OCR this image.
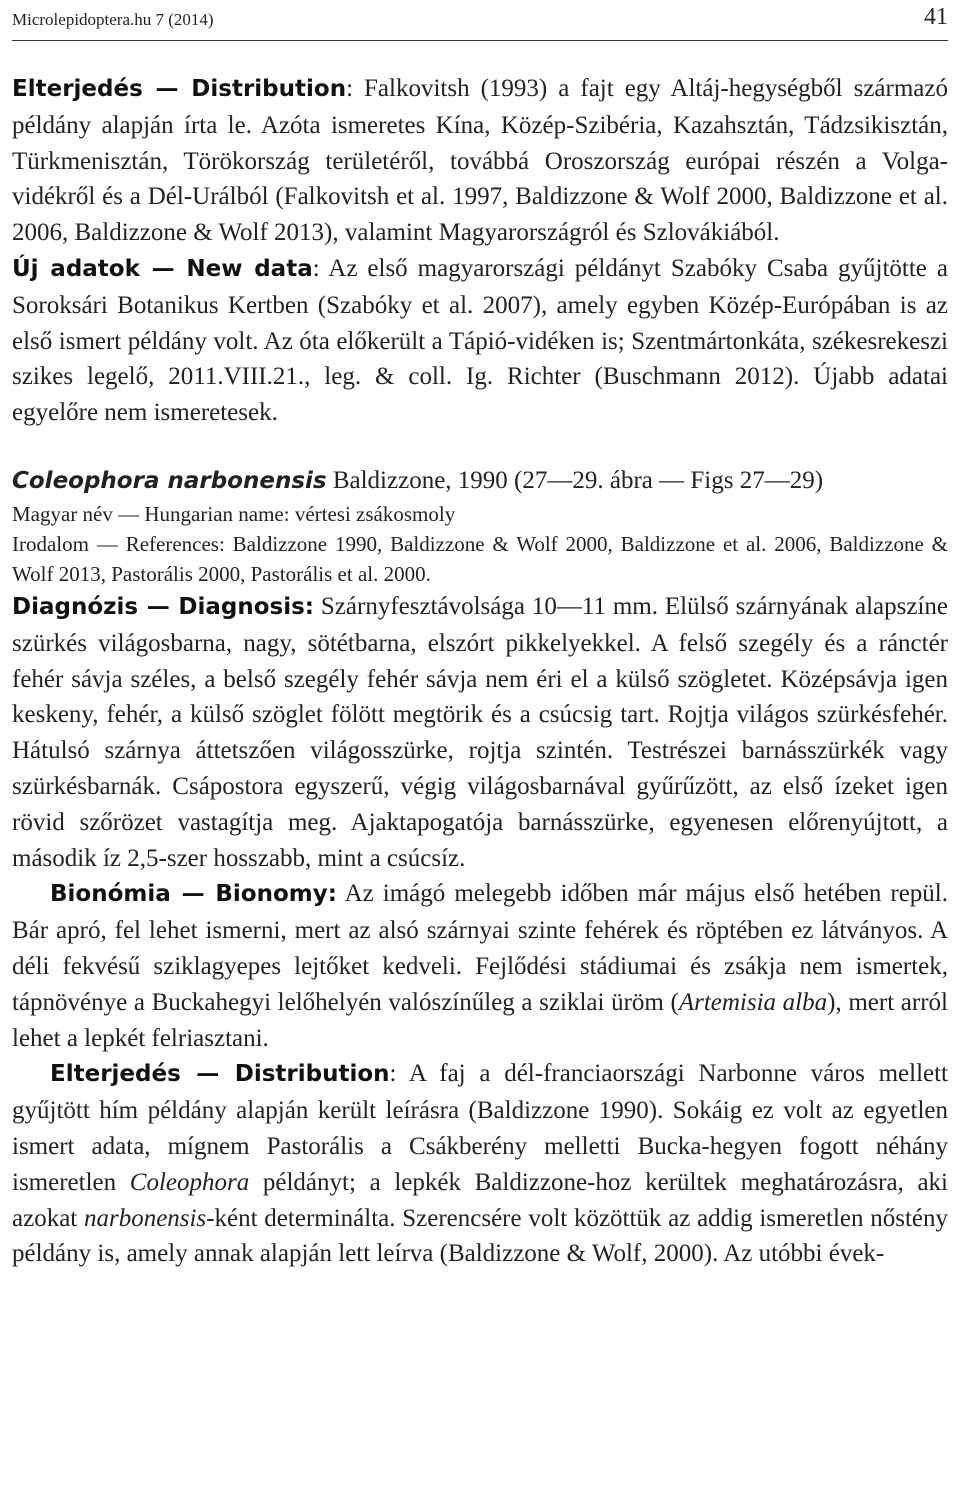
Microlepidoptera.hu 7 (2014)	41

Elterjedés — Distribution: Falkovitsh (1993) a fajt egy Altáj-hegységből származó példány alapján írta le. Azóta ismeretes Kína, Közép-Szibéria, Kazahsztán, Tádzsikisztán, Türkmenisztán, Törökország területéről, továbbá Oroszország európai részén a Volga-vidékről és a Dél-Urálból (Falkovitsh et al. 1997, Baldizzone & Wolf 2000, Baldizzone et al. 2006, Baldizzone & Wolf 2013), valamint Magyarországról és Szlovákiából.

Új adatok — New data: Az első magyarországi példányt Szabóky Csaba gyűjtötte a Soroksári Botanikus Kertben (Szabóky et al. 2007), amely egyben Közép-Európában is az első ismert példány volt. Az óta előkerült a Tápió-vidéken is; Szentmártonkáta, székesrekeszi szikes legelő, 2011.VIII.21., leg. & coll. Ig. Richter (Buschmann 2012). Újabb adatai egyelőre nem ismeretesek.

Coleophora narbonensis Baldizzone, 1990 (27—29. ábra — Figs 27—29)

Magyar név — Hungarian name: vértesi zsákosmoly

Irodalom — References: Baldizzone 1990, Baldizzone & Wolf 2000, Baldizzone et al. 2006, Baldizzone & Wolf 2013, Pastorális 2000, Pastorális et al. 2000.

Diagnózis — Diagnosis: Szárnyfesztávolsága 10—11 mm. Elülső szárnyának alapszíne szürkés világosbarna, nagy, sötétbarna, elszórt pikkelyekkel. A felső szegély és a ránctér fehér sávja széles, a belső szegély fehér sávja nem éri el a külső szögletet. Középsávja igen keskeny, fehér, a külső szöglet fölött megtörik és a csúcsig tart. Rojtja világos szürkésfehér. Hátulsó szárnya áttetszően világosszürke, rojtja szintén. Testrészei barnásszürkék vagy szürkésbarnák. Csápostora egyszerű, végig világosbarnával gyűrűzött, az első ízeket igen rövid szőrözet vastagítja meg. Ajaktapogatója barnásszürke, egyenesen előrenyújtott, a második íz 2,5-szer hosszabb, mint a csúcsíz.

Bionómia — Bionomy: Az imágó melegebb időben már május első hetében repül. Bár apró, fel lehet ismerni, mert az alsó szárnyai szinte fehérek és röptében ez látványos. A déli fekvésű sziklagyepes lejtőket kedveli. Fejlődési stádiumai és zsákja nem ismertek, tápnövénye a Buckahegyi lelőhelyén valószínűleg a sziklai üröm (Artemisia alba), mert arról lehet a lepkét felriasztani.

Elterjedés — Distribution: A faj a dél-franciaországi Narbonne város mellett gyűjtött hím példány alapján került leírásra (Baldizzone 1990). Sokáig ez volt az egyetlen ismert adata, mígnem Pastorális a Csákberény melletti Bucka-hegyen fogott néhány ismeretlen Coleophora példányt; a lepkék Baldizzone-hoz kerültek meghatározásra, aki azokat narbonensis-ként determinálta. Szerencsére volt közöttük az addig ismeretlen nőstény példány is, amely annak alapján lett leírva (Baldizzone & Wolf, 2000). Az utóbbi évek-
